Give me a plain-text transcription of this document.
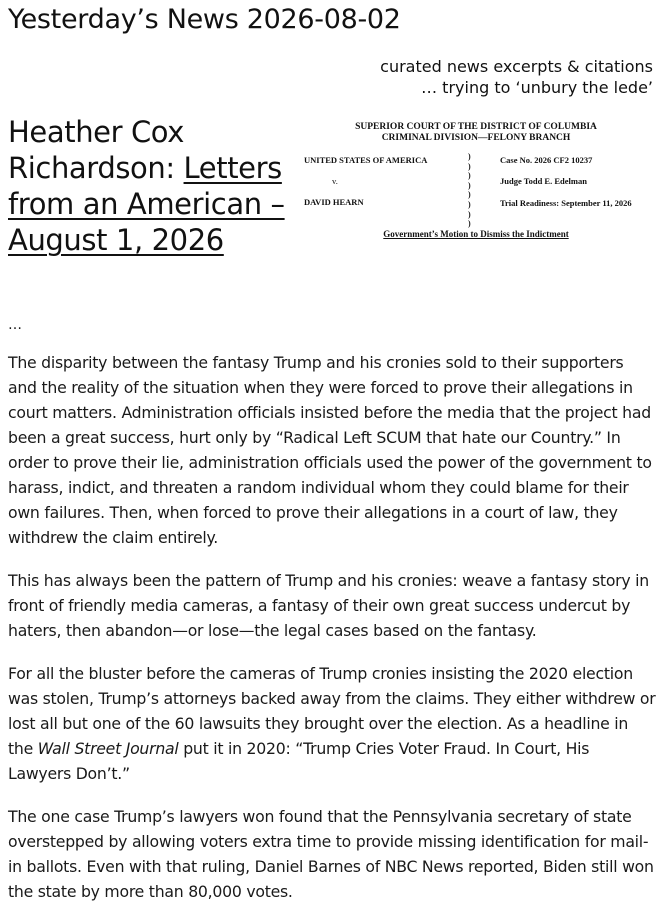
Yesterday’s News 2026-08-02
curated news excerpts & citations
… trying to ‘unbury the lede’
Heather Cox Richardson: Letters from an American – August 1, 2026
SUPERIOR COURT OF THE DISTRICT OF COLUMBIA
CRIMINAL DIVISION—FELONY BRANCH
UNITED STATES OF AMERICA
v.
DAVID HEARN
)
)
)
)
)
)
)
)
Case No. 2026 CF2 10237
Judge Todd E. Edelman
Trial Readiness: September 11, 2026
Government’s Motion to Dismiss the Indictment

…

The disparity between the fantasy Trump and his cronies sold to their supporters and the reality of the situation when they were forced to prove their allegations in court matters. Administration officials insisted before the media that the project had been a great success, hurt only by “Radical Left SCUM that hate our Country.” In order to prove their lie, administration officials used the power of the government to harass, indict, and threaten a random individual whom they could blame for their own failures. Then, when forced to prove their allegations in a court of law, they withdrew the claim entirely.

This has always been the pattern of Trump and his cronies: weave a fantasy story in front of friendly media cameras, a fantasy of their own great success undercut by haters, then abandon—or lose—the legal cases based on the fantasy.

For all the bluster before the cameras of Trump cronies insisting the 2020 election was stolen, Trump’s attorneys backed away from the claims. They either withdrew or lost all but one of the 60 lawsuits they brought over the election. As a headline in the Wall Street Journal put it in 2020: “Trump Cries Voter Fraud. In Court, His Lawyers Don’t.”

The one case Trump’s lawyers won found that the Pennsylvania secretary of state overstepped by allowing voters extra time to provide missing identification for mail-in ballots. Even with that ruling, Daniel Barnes of NBC News reported, Biden still won the state by more than 80,000 votes.
